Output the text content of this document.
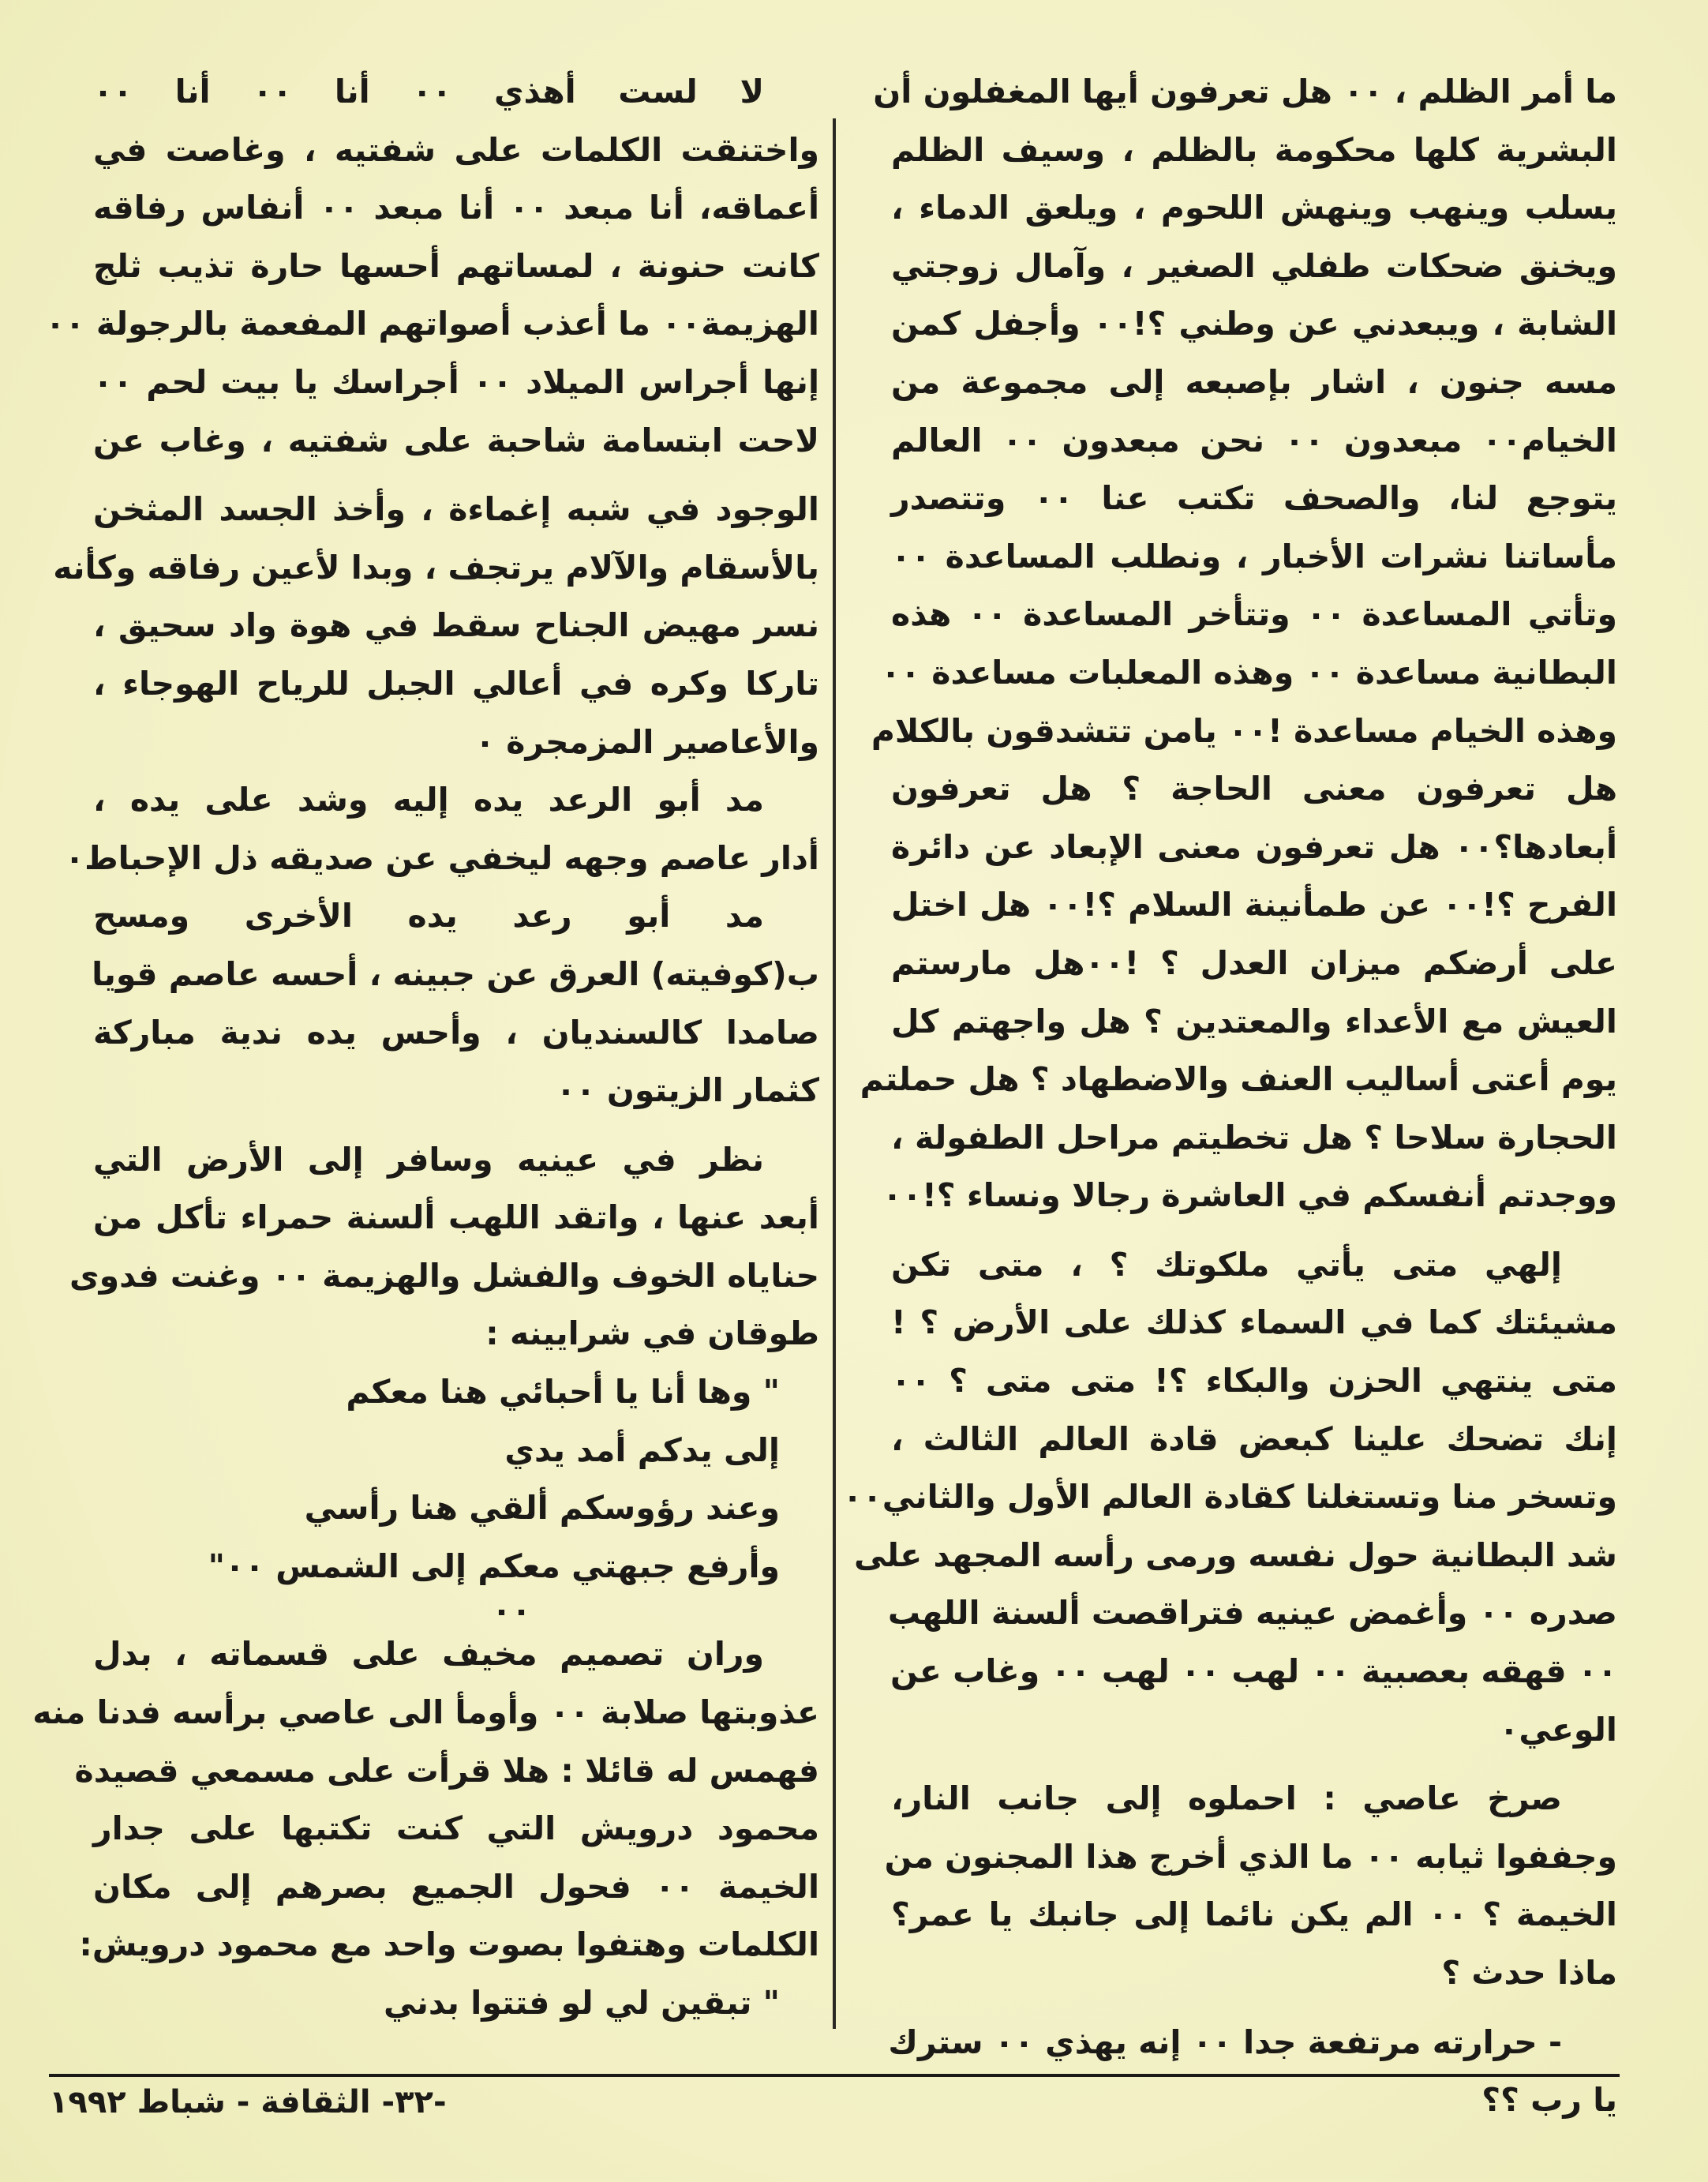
ما أمر الظلم ، ٠٠ هل تعرفون أيها المغفلون أن
البشرية كلها محكومة بالظلم ، وسيف الظلم
يسلب وينهب وينهش اللحوم ، ويلعق الدماء ،
ويخنق ضحكات طفلي الصغير ، وآمال زوجتي
الشابة ، ويبعدني عن وطني ؟!٠٠ وأجفل كمن
مسه جنون ، اشار بإصبعه إلى مجموعة من
الخيام٠٠ مبعدون ٠٠ نحن مبعدون ٠٠ العالم
يتوجع لنا، والصحف تكتب عنا ٠٠ وتتصدر
مأساتنا نشرات الأخبار ، ونطلب المساعدة ٠٠
وتأتي المساعدة ٠٠ وتتأخر المساعدة ٠٠ هذه
البطانية مساعدة ٠٠ وهذه المعلبات مساعدة ٠٠
وهذه الخيام مساعدة !٠٠ يامن تتشدقون بالكلام
هل تعرفون معنى الحاجة ؟ هل تعرفون
أبعادها؟٠٠ هل تعرفون معنى الإبعاد عن دائرة
الفرح ؟!٠٠ عن طمأنينة السلام ؟!٠٠ هل اختل
على أرضكم ميزان العدل ؟ !٠٠هل مارستم
العيش مع الأعداء والمعتدين ؟ هل واجهتم كل
يوم أعتى أساليب العنف والاضطهاد ؟ هل حملتم
الحجارة سلاحا ؟ هل تخطيتم مراحل الطفولة ،
ووجدتم أنفسكم في العاشرة رجالا ونساء ؟!٠٠
إلهي متى يأتي ملكوتك ؟ ، متى تكن
مشيئتك كما في السماء كذلك على الأرض ؟ !
متى ينتهي الحزن والبكاء ؟! متى متى ؟ ٠٠
إنك تضحك علينا كبعض قادة العالم الثالث ،
وتسخر منا وتستغلنا كقادة العالم الأول والثاني٠٠
شد البطانية حول نفسه ورمى رأسه المجهد على
صدره ٠٠ وأغمض عينيه فتراقصت ألسنة اللهب
٠٠ قهقه بعصبية ٠٠ لهب ٠٠ لهب ٠٠ وغاب عن
الوعي٠
صرخ عاصي : احملوه إلى جانب النار،
وجففوا ثيابه ٠٠ ما الذي أخرج هذا المجنون من
الخيمة ؟ ٠٠ الم يكن نائما إلى جانبك يا عمر؟
ماذا حدث ؟
- حرارته مرتفعة جدا ٠٠ إنه يهذي ٠٠ سترك
يا رب ؟؟
لا لست أهذي ٠٠ أنا ٠٠ أنا ٠٠
واختنقت الكلمات على شفتيه ، وغاصت في
أعماقه، أنا مبعد ٠٠ أنا مبعد ٠٠ أنفاس رفاقه
كانت حنونة ، لمساتهم أحسها حارة تذيب ثلج
الهزيمة٠٠ ما أعذب أصواتهم المفعمة بالرجولة ٠٠
إنها أجراس الميلاد ٠٠ أجراسك يا بيت لحم ٠٠
لاحت ابتسامة شاحبة على شفتيه ، وغاب عن
الوجود في شبه إغماءة ، وأخذ الجسد المثخن
بالأسقام والآلام يرتجف ، وبدا لأعين رفاقه وكأنه
نسر مهيض الجناح سقط في هوة واد سحيق ،
تاركا وكره في أعالي الجبل للرياح الهوجاء ،
والأعاصير المزمجرة ٠
مد أبو الرعد يده إليه وشد على يده ،
أدار عاصم وجهه ليخفي عن صديقه ذل الإحباط٠
مد أبو رعد يده الأخرى ومسح
ب(كوفيته) العرق عن جبينه ، أحسه عاصم قويا
صامدا كالسنديان ، وأحس يده ندية مباركة
كثمار الزيتون ٠٠
نظر في عينيه وسافر إلى الأرض التي
أبعد عنها ، واتقد اللهب ألسنة حمراء تأكل من
حناياه الخوف والفشل والهزيمة ٠٠ وغنت فدوى
طوقان في شرايينه :
" وها أنا يا أحبائي هنا معكم
إلى يدكم أمد يدي
وعند رؤوسكم ألقي هنا رأسي
وأرفع جبهتي معكم إلى الشمس ٠٠"
٠٠
وران تصميم مخيف على قسماته ، بدل
عذوبتها صلابة ٠٠ وأومأ الى عاصي برأسه فدنا منه
فهمس له قائلا : هلا قرأت على مسمعي قصيدة
محمود درويش التي كنت تكتبها على جدار
الخيمة ٠٠ فحول الجميع بصرهم إلى مكان
الكلمات وهتفوا بصوت واحد مع محمود درويش:
" تبقين لي لو فتتوا بدني
-٣٢- الثقافة - شباط ١٩٩٢
